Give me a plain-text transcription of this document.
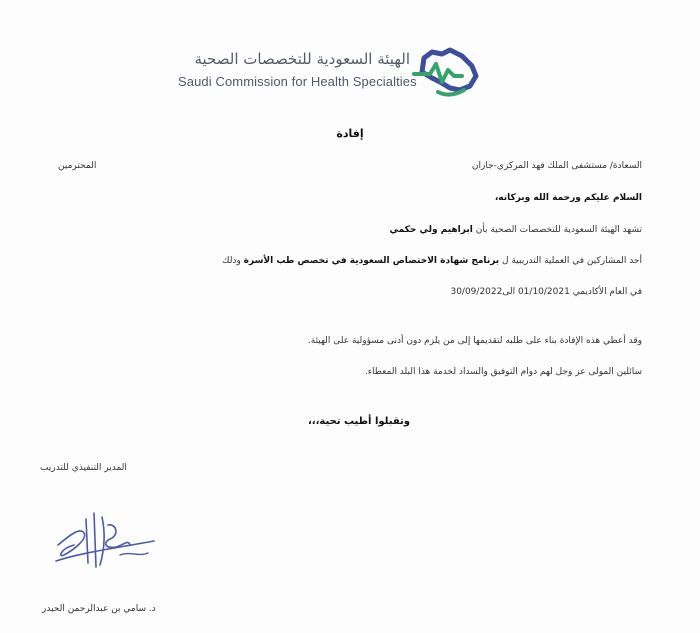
الهيئة السعودية للتخصصات الصحية
Saudi Commission for Health Specialties
إفادة
السعادة/ مستشفى الملك فهد المركزي-جازان
المحترمين
السلام عليكم ورحمة الله وبركاته،
تشهد الهيئة السعودية للتخصصات الصحية بأن ابراهيم ولي حكمي
أحد المشاركين في العملية التدريبية ل برنامج شهادة الاختصاص السعودية في تخصص طب الأسرة وذلك
في العام الأكاديمي 01/10/2021 الى30/09/2022
وقد أعطي هذه الإفادة بناء على طلبه لتقديمها إلى من يلزم دون أدنى مسؤولية على الهيئة.
سائلين المولى عز وجل لهم دوام التوفيق والسداد لخدمة هذا البلد المعطاء.
وتقبلوا أطيب تحية،،،
المدير التنفيذي للتدريب
د. سامي بن عبدالرحمن الحيدر
